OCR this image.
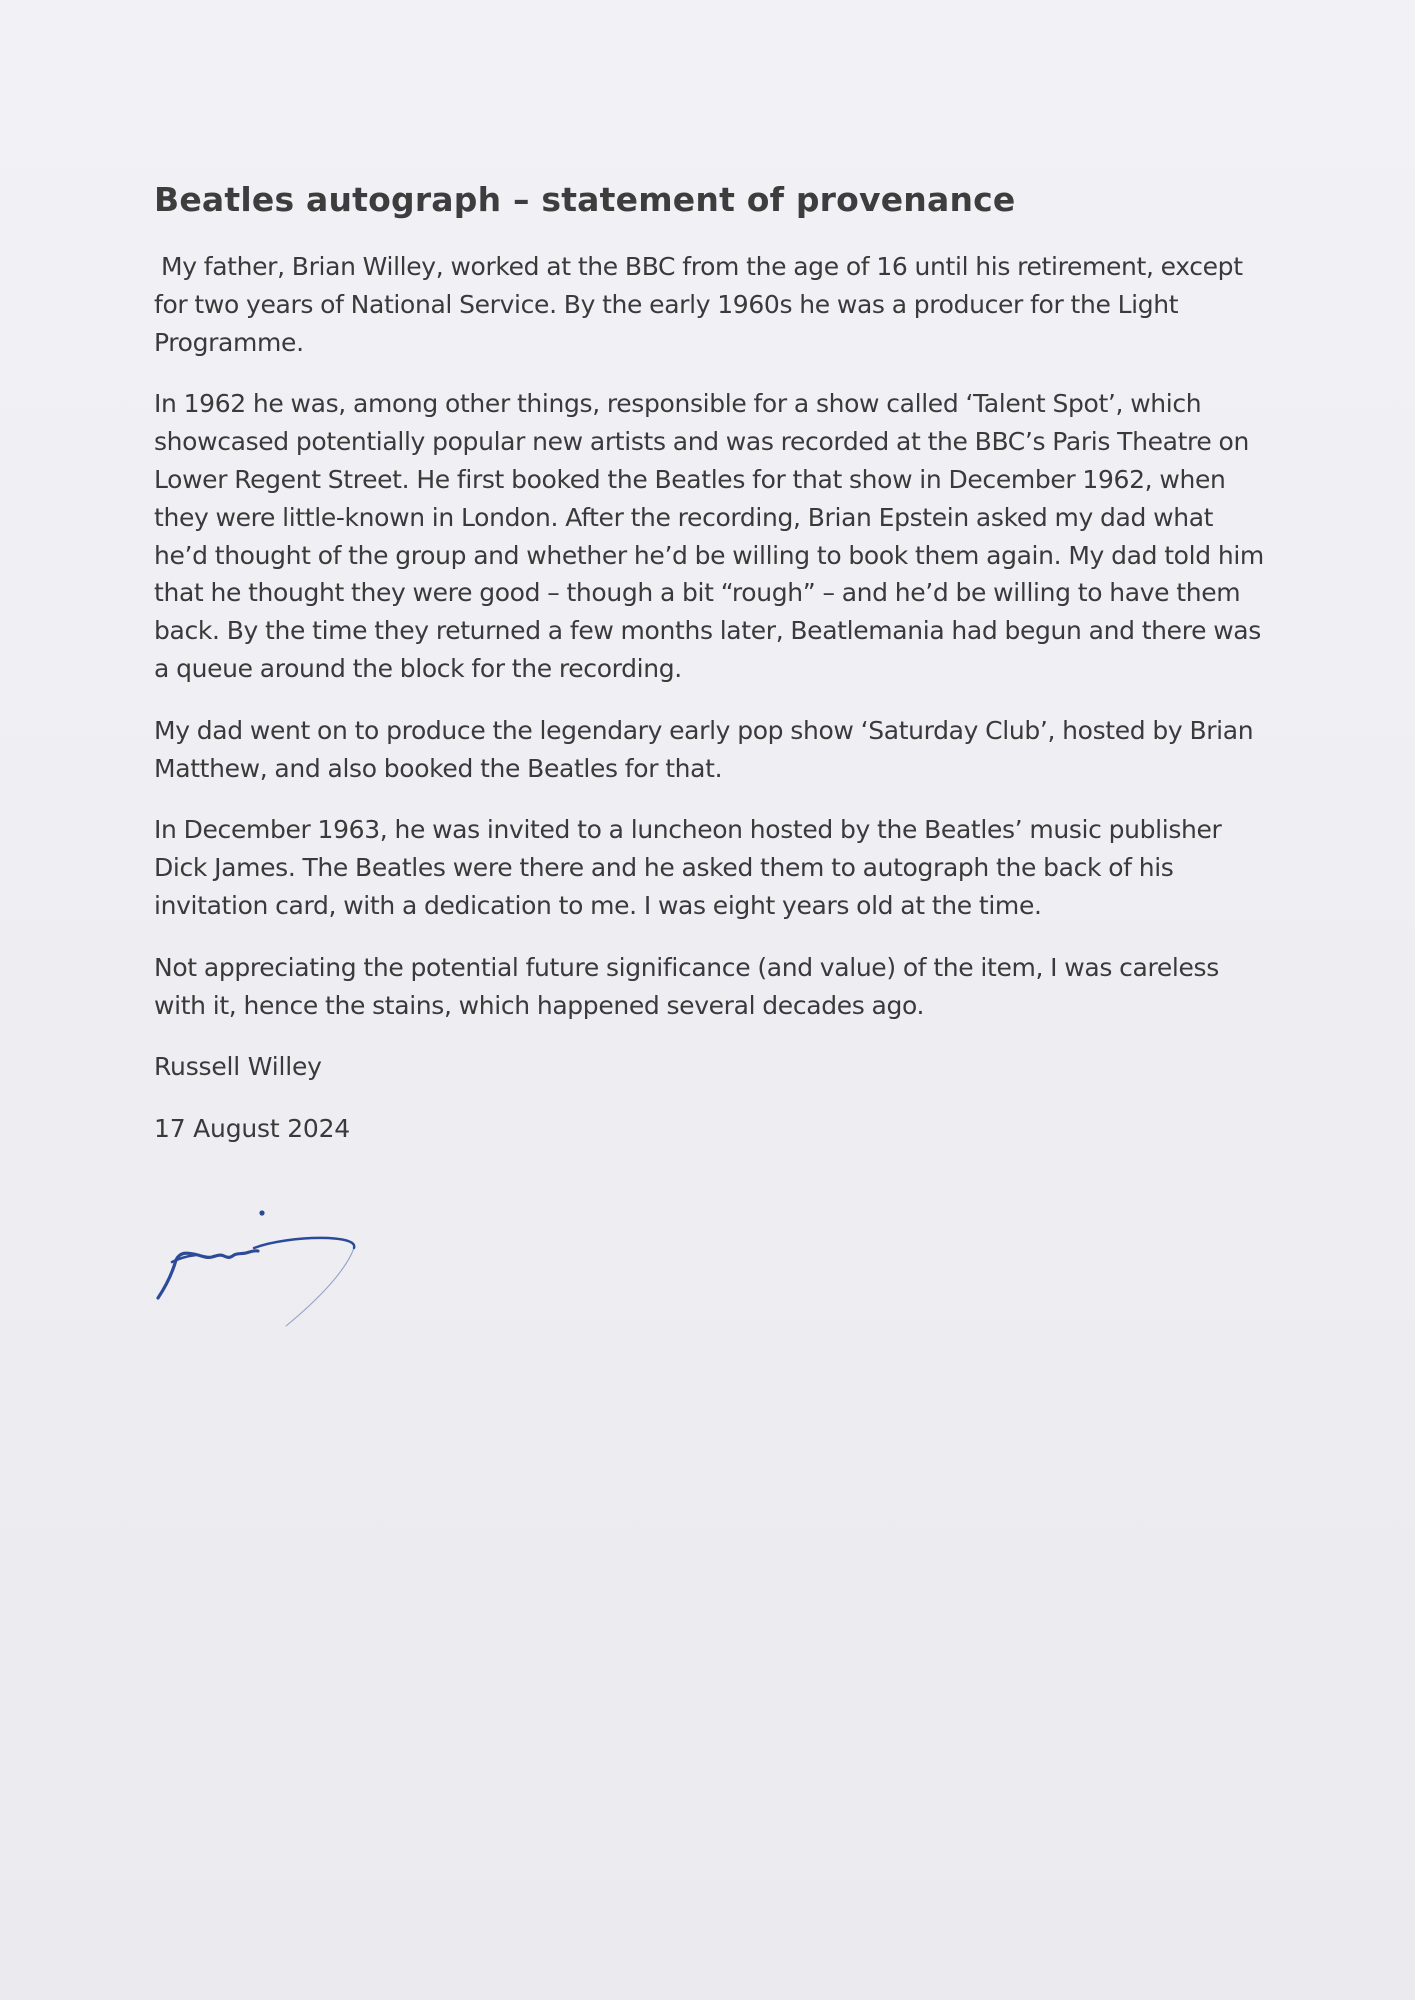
Beatles autograph – statement of provenance

My father, Brian Willey, worked at the BBC from the age of 16 until his retirement, except for two years of National Service. By the early 1960s he was a producer for the Light Programme.

In 1962 he was, among other things, responsible for a show called ‘Talent Spot’, which showcased potentially popular new artists and was recorded at the BBC’s Paris Theatre on Lower Regent Street. He first booked the Beatles for that show in December 1962, when they were little-known in London. After the recording, Brian Epstein asked my dad what he’d thought of the group and whether he’d be willing to book them again. My dad told him that he thought they were good – though a bit “rough” – and he’d be willing to have them back. By the time they returned a few months later, Beatlemania had begun and there was a queue around the block for the recording.

My dad went on to produce the legendary early pop show ‘Saturday Club’, hosted by Brian Matthew, and also booked the Beatles for that.

In December 1963, he was invited to a luncheon hosted by the Beatles’ music publisher Dick James. The Beatles were there and he asked them to autograph the back of his invitation card, with a dedication to me. I was eight years old at the time.

Not appreciating the potential future significance (and value) of the item, I was careless with it, hence the stains, which happened several decades ago.

Russell Willey

17 August 2024
